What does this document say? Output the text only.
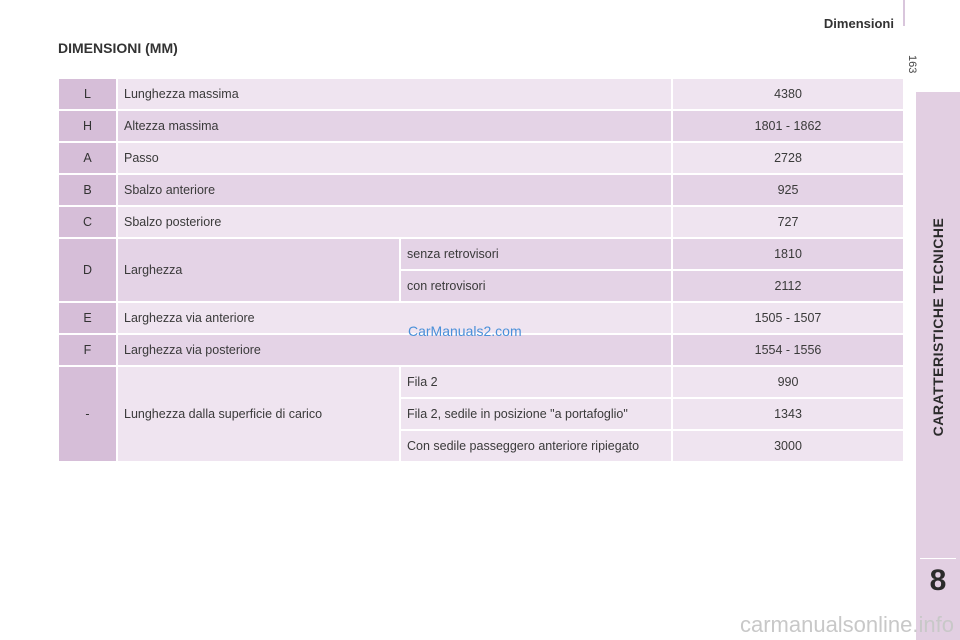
Dimensioni
163
CARATTERISTICHE TECNICHE
8
DIMENSIONI (MM)
L	Lunghezza massima		4380
H	Altezza massima		1801 - 1862
A	Passo		2728
B	Sbalzo anteriore		925
C	Sbalzo posteriore		727
D	Larghezza	senza retrovisori	1810
		con retrovisori	2112
E	Larghezza via anteriore		1505 - 1507
F	Larghezza via posteriore		1554 - 1556
-	Lunghezza dalla superficie di carico	Fila 2	990
		Fila 2, sedile in posizione "a portafoglio"	1343
		Con sedile passeggero anteriore ripiegato	3000
CarManuals2.com
carmanualsonline.info
